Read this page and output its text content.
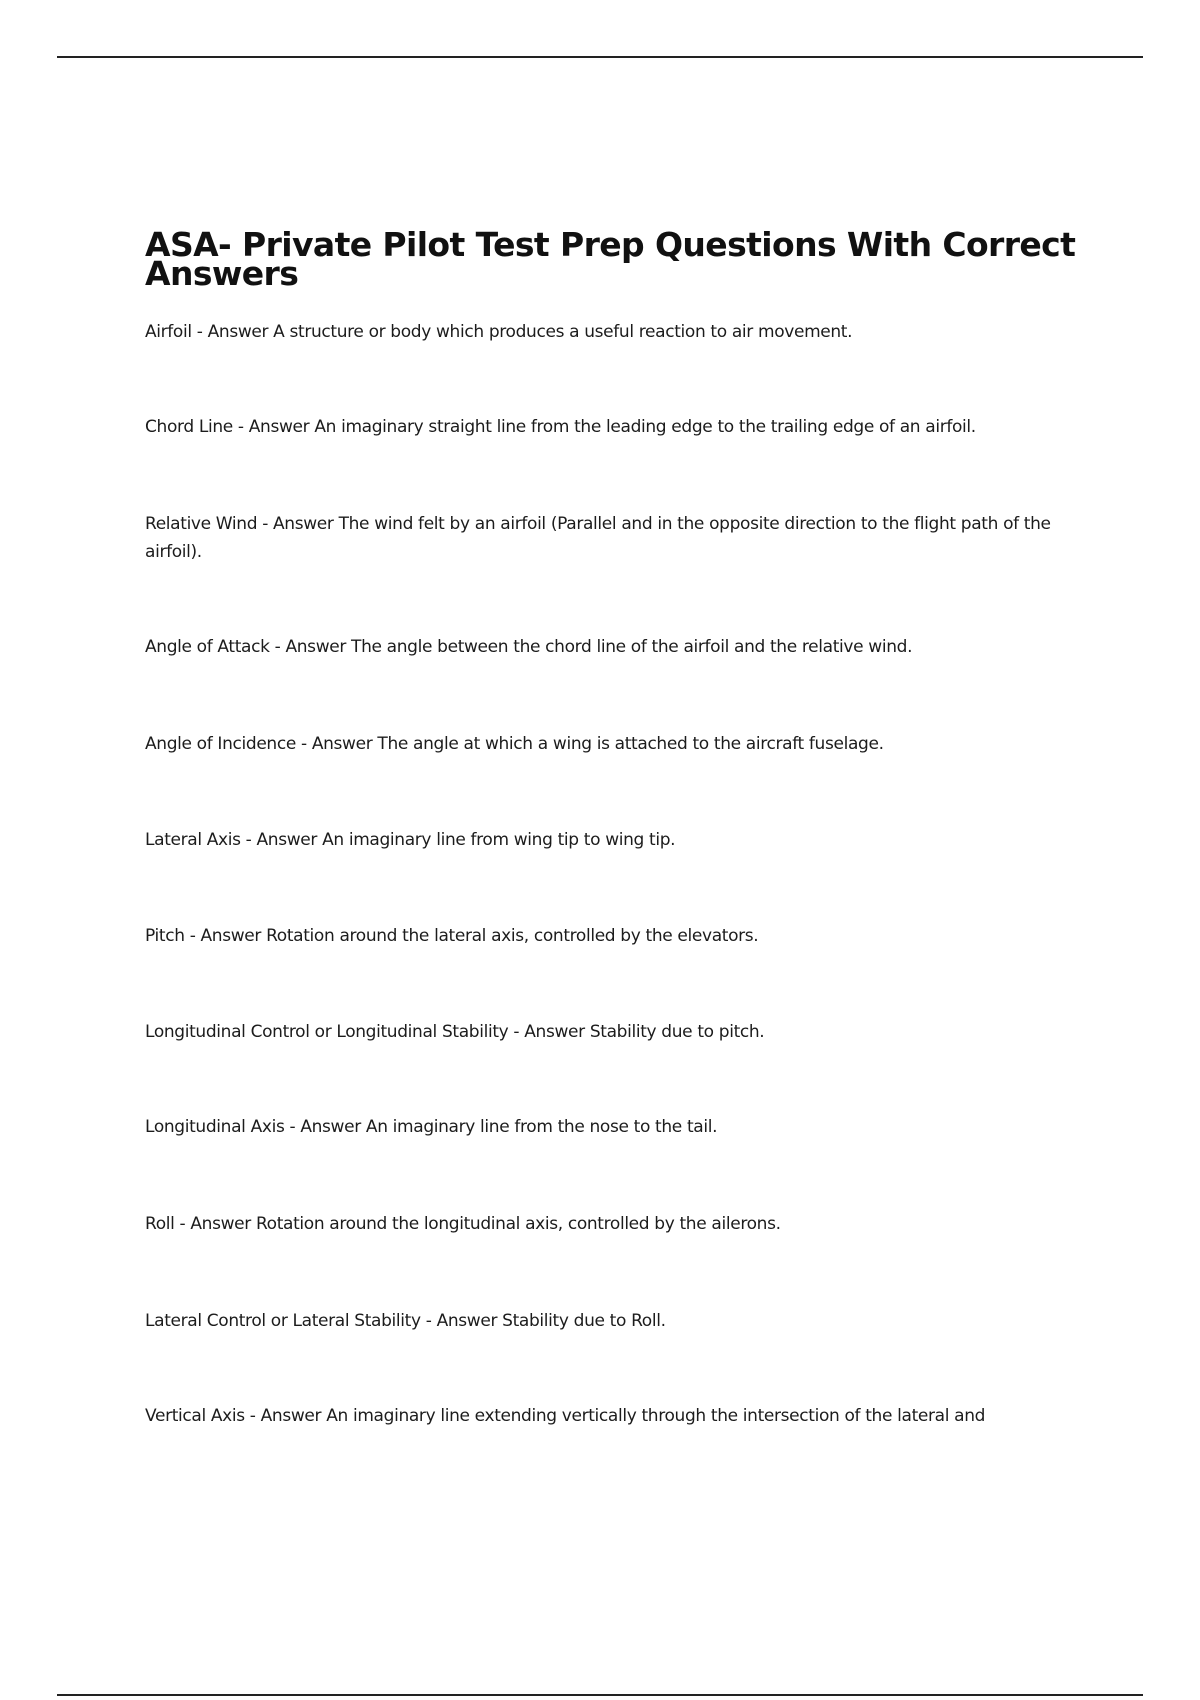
ASA- Private Pilot Test Prep Questions With Correct Answers

Airfoil - Answer A structure or body which produces a useful reaction to air movement.

Chord Line - Answer An imaginary straight line from the leading edge to the trailing edge of an airfoil.

Relative Wind - Answer The wind felt by an airfoil (Parallel and in the opposite direction to the flight path of the airfoil).

Angle of Attack - Answer The angle between the chord line of the airfoil and the relative wind.

Angle of Incidence - Answer The angle at which a wing is attached to the aircraft fuselage.

Lateral Axis - Answer An imaginary line from wing tip to wing tip.

Pitch - Answer Rotation around the lateral axis, controlled by the elevators.

Longitudinal Control or Longitudinal Stability - Answer Stability due to pitch.

Longitudinal Axis - Answer An imaginary line from the nose to the tail.

Roll - Answer Rotation around the longitudinal axis, controlled by the ailerons.

Lateral Control or Lateral Stability - Answer Stability due to Roll.

Vertical Axis - Answer An imaginary line extending vertically through the intersection of the lateral and
